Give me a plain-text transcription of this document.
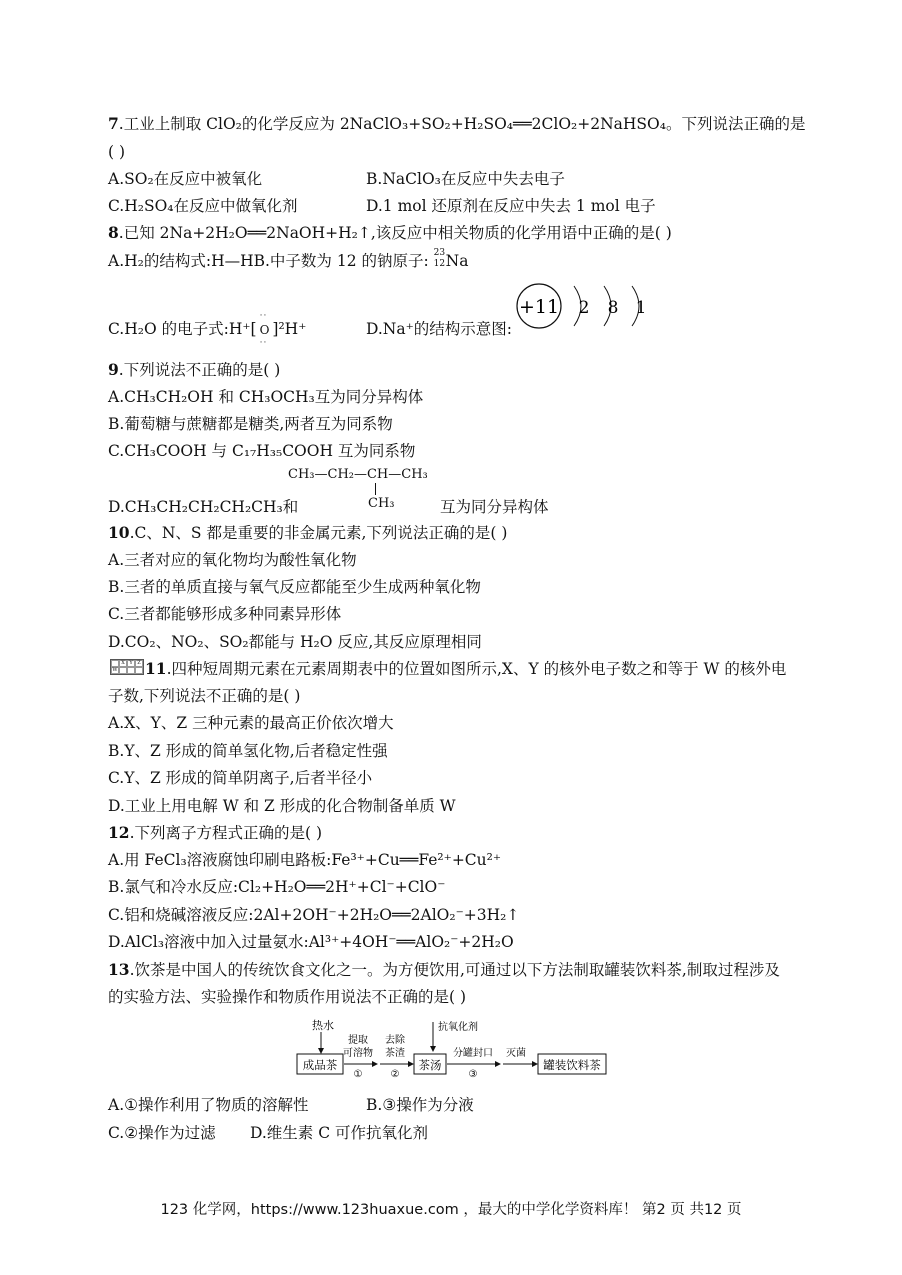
7.工业上制取 ClO₂的化学反应为 2NaClO₃+SO₂+H₂SO₄══2ClO₂+2NaHSO₄。下列说法正确的是
( )
A.SO₂在反应中被氧化	B.NaClO₃在反应中失去电子
C.H₂SO₄在反应中做氧化剂	D.1 mol 还原剂在反应中失去 1 mol 电子
8.已知 2Na+2H₂O══2NaOH+H₂↑,该反应中相关物质的化学用语中正确的是( )
A.H₂的结构式:H—HB.中子数为 12 的钠原子: 23
12 Na
C.H₂O 的电子式:H⁺[
··
O
··
]²H⁺	D.Na⁺的结构示意图:
+11 2 8 1
9.下列说法不正确的是( )
A.CH₃CH₂OH 和 CH₃OCH₃互为同分异构体
B.葡萄糖与蔗糖都是糖类,两者互为同系物
C.CH₃COOH 与 C₁₇H₃₅COOH 互为同系物
CH₃—CH₂—CH—CH₃
CH₃
D.CH₃CH₂CH₂CH₂CH₃和	互为同分异构体
10.C、N、S 都是重要的非金属元素,下列说法正确的是( )
A.三者对应的氧化物均为酸性氧化物
B.三者的单质直接与氧气反应都能至少生成两种氧化物
C.三者都能够形成多种同素异形体
D.CO₂、NO₂、SO₂都能与 H₂O 反应,其反应原理相同
X Y Z
W 11.四种短周期元素在元素周期表中的位置如图所示,X、Y 的核外电子数之和等于 W 的核外电
子数,下列说法不正确的是( )
A.X、Y、Z 三种元素的最高正价依次增大
B.Y、Z 形成的简单氢化物,后者稳定性强
C.Y、Z 形成的简单阴离子,后者半径小
D.工业上用电解 W 和 Z 形成的化合物制备单质 W
12.下列离子方程式正确的是( )
A.用 FeCl₃溶液腐蚀印刷电路板:Fe³⁺+Cu══Fe²⁺+Cu²⁺
B.氯气和冷水反应:Cl₂+H₂O══2H⁺+Cl⁻+ClO⁻
C.铝和烧碱溶液反应:2Al+2OH⁻+2H₂O══2AlO₂⁻+3H₂↑
D.AlCl₃溶液中加入过量氨水:Al³⁺+4OH⁻══AlO₂⁻+2H₂O
13.饮茶是中国人的传统饮食文化之一。为方便饮用,可通过以下方法制取罐装饮料茶,制取过程涉及
的实验方法、实验操作和物质作用说法不正确的是( )
热水
成品茶
提取
可溶物
①
去除
茶渣
②
茶汤
抗氧化剂
分罐封口
③
灭菌
罐装饮料茶
A.①操作利用了物质的溶解性	B.③操作为分液
C.②操作为过滤 D.维生素 C 可作抗氧化剂
123 化学网，https://www.123huaxue.com ，最大的中学化学资料库！ 第2 页 共12 页
